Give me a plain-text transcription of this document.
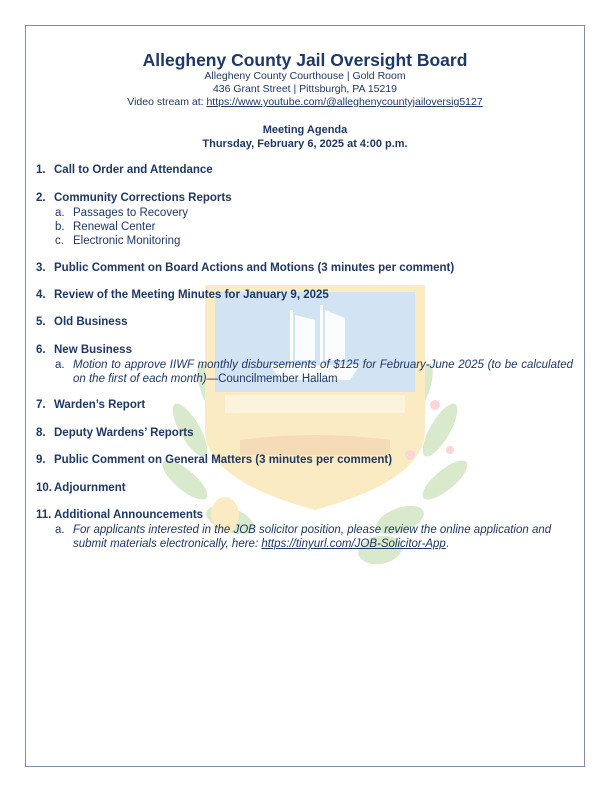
Allegheny County Jail Oversight Board
Allegheny County Courthouse | Gold Room
436 Grant Street | Pittsburgh, PA 15219
Video stream at: https://www.youtube.com/@alleghenycountyjailoversig5127
Meeting Agenda
Thursday, February 6, 2025 at 4:00 p.m.
1. Call to Order and Attendance
2. Community Corrections Reports
a. Passages to Recovery
b. Renewal Center
c. Electronic Monitoring
3. Public Comment on Board Actions and Motions (3 minutes per comment)
4. Review of the Meeting Minutes for January 9, 2025
5. Old Business
6. New Business
a. Motion to approve IIWF monthly disbursements of $125 for February-June 2025 (to be calculated on the first of each month)—Councilmember Hallam
7. Warden’s Report
8. Deputy Wardens’ Reports
9. Public Comment on General Matters (3 minutes per comment)
10. Adjournment
11. Additional Announcements
a. For applicants interested in the JOB solicitor position, please review the online application and submit materials electronically, here: https://tinyurl.com/JOB-Solicitor-App.
